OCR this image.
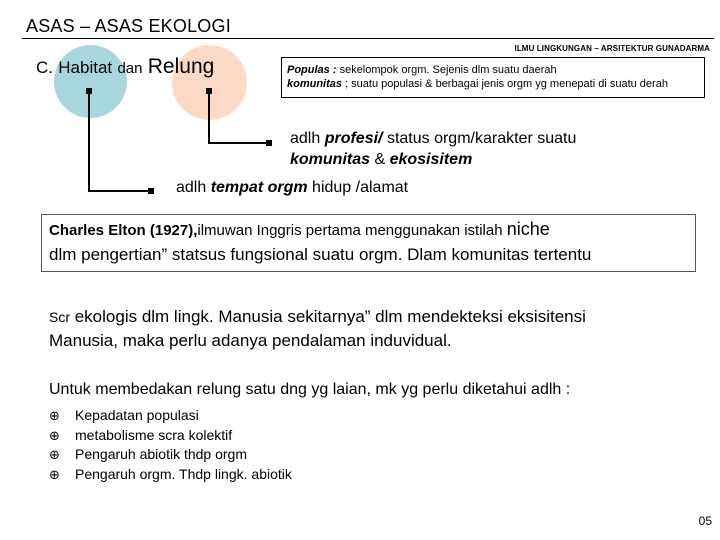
ASAS – ASAS EKOLOGI
ILMU LINGKUNGAN – ARSITEKTUR GUNADARMA
C. Habitat dan Relung	Populas : sekelompok orgm. Sejenis dlm suatu daerah
komunitas ; suatu populasi & berbagai jenis orgm yg menepati di suatu derah
adlh profesi/ status orgm/karakter suatu
komunitas & ekosisitem
adlh tempat orgm hidup /alamat
Charles Elton (1927),ilmuwan Inggris pertama menggunakan istilah niche
dlm pengertian” statsus fungsional suatu orgm. Dlam komunitas tertentu
Scr ekologis dlm lingk. Manusia sekitarnya” dlm mendekteksi eksisitensi
Manusia, maka perlu adanya pendalaman induvidual.
Untuk membedakan relung satu dng yg laian, mk yg perlu diketahui adlh :
⊕ Kepadatan populasi
⊕ metabolisme scra kolektif
⊕ Pengaruh abiotik thdp orgm
⊕ Pengaruh orgm. Thdp lingk. abiotik
05
